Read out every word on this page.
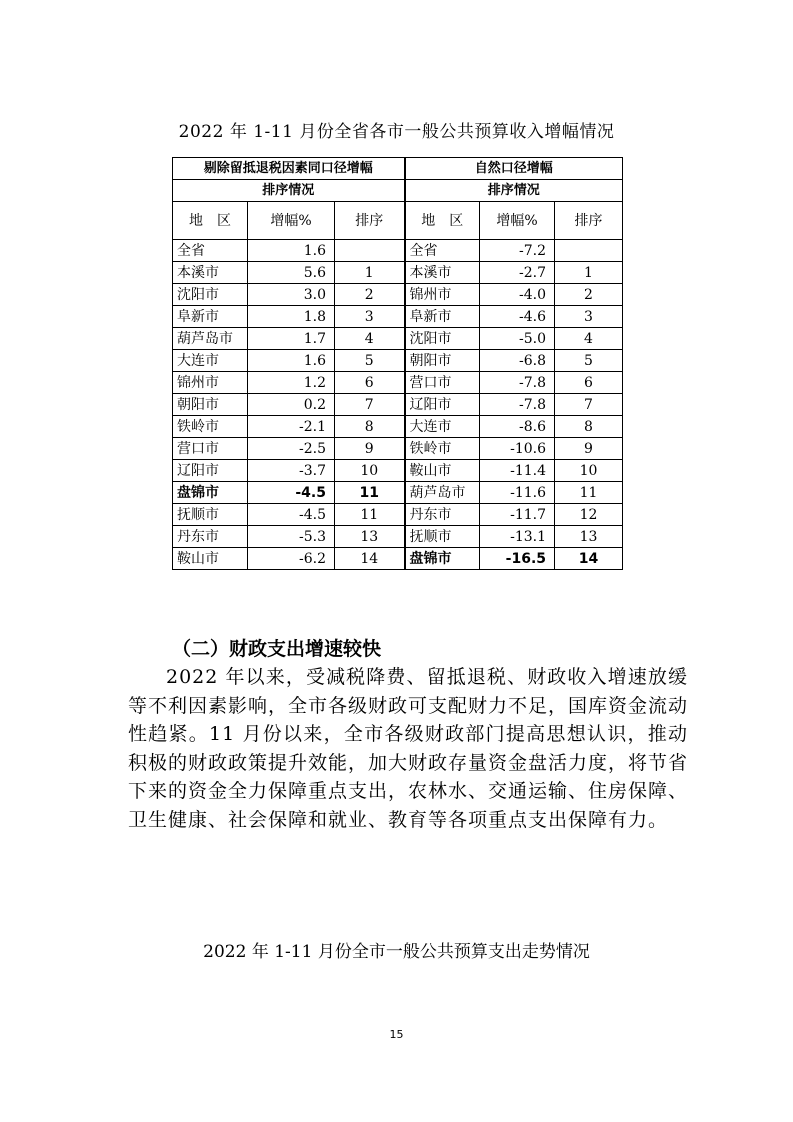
2022 年 1-11 月份全省各市一般公共预算收入增幅情况
剔除留抵退税因素同口径增幅			自然口径增幅		
排序情况			排序情况		
地　区	增幅%	排序	地　区	增幅%	排序
全省	1.6		全省	-7.2	
本溪市	5.6	1	本溪市	-2.7	1
沈阳市	3.0	2	锦州市	-4.0	2
阜新市	1.8	3	阜新市	-4.6	3
葫芦岛市	1.7	4	沈阳市	-5.0	4
大连市	1.6	5	朝阳市	-6.8	5
锦州市	1.2	6	营口市	-7.8	6
朝阳市	0.2	7	辽阳市	-7.8	7
铁岭市	-2.1	8	大连市	-8.6	8
营口市	-2.5	9	铁岭市	-10.6	9
辽阳市	-3.7	10	鞍山市	-11.4	10
盘锦市	-4.5	11	葫芦岛市	-11.6	11
抚顺市	-4.5	11	丹东市	-11.7	12
丹东市	-5.3	13	抚顺市	-13.1	13
鞍山市	-6.2	14	盘锦市	-16.5	14
（二）财政支出增速较快
2022 年以来，受减税降费、留抵退税、财政收入增速放缓等不利因素影响，全市各级财政可支配财力不足，国库资金流动性趋紧。11 月份以来，全市各级财政部门提高思想认识，推动积极的财政政策提升效能，加大财政存量资金盘活力度，将节省下来的资金全力保障重点支出，农林水、交通运输、住房保障、卫生健康、社会保障和就业、教育等各项重点支出保障有力。
2022 年 1-11 月份全市一般公共预算支出走势情况
15
